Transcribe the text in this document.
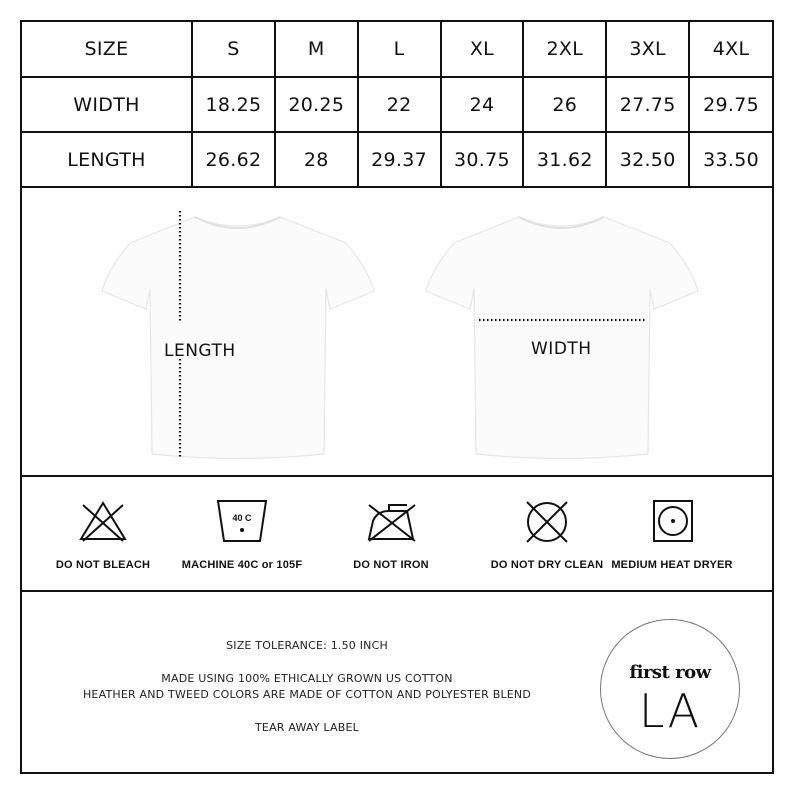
SIZE	S	M	L	XL	2XL	3XL	4XL
WIDTH	18.25	20.25	22	24	26	27.75	29.75
LENGTH	26.62	28	29.37	30.75	31.62	32.50	33.50
LENGTH	WIDTH
DO NOT BLEACH
40 C
MACHINE 40C or 105F	DO NOT IRON	DO NOT DRY CLEAN MEDIUM HEAT DRYER
SIZE TOLERANCE: 1.50 INCH
MADE USING 100% ETHICALLY GROWN US COTTON
HEATHER AND TWEED COLORS ARE MADE OF COTTON AND POLYESTER BLEND
TEAR AWAY LABEL
first row
LA
